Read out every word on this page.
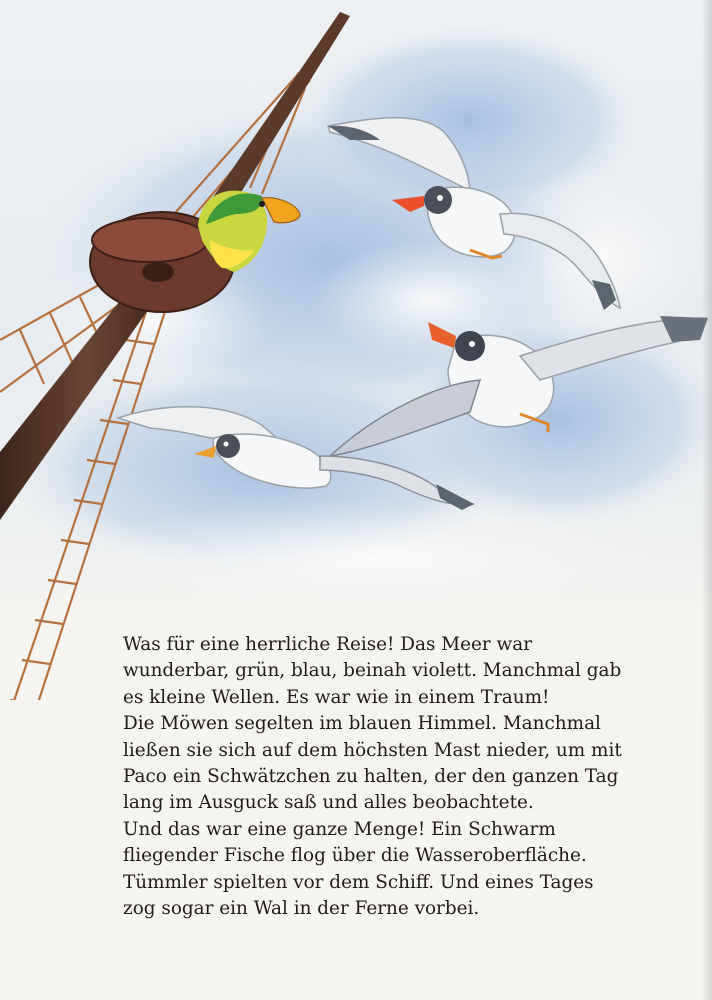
Was für eine herrliche Reise! Das Meer war
wunderbar, grün, blau, beinah violett. Manchmal gab
es kleine Wellen. Es war wie in einem Traum!
Die Möwen segelten im blauen Himmel. Manchmal
ließen sie sich auf dem höchsten Mast nieder, um mit
Paco ein Schwätzchen zu halten, der den ganzen Tag
lang im Ausguck saß und alles beobachtete.
Und das war eine ganze Menge! Ein Schwarm
fliegender Fische flog über die Wasseroberfläche.
Tümmler spielten vor dem Schiff. Und eines Tages
zog sogar ein Wal in der Ferne vorbei.
